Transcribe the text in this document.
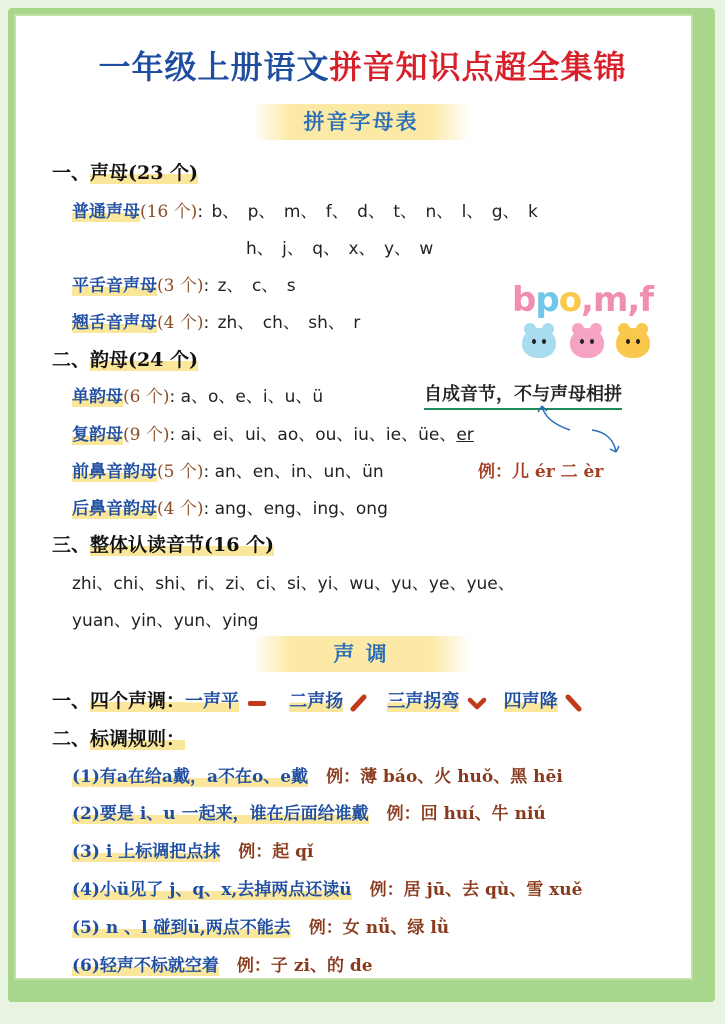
一年级上册语文拼音知识点超全集锦
拼音字母表
一、声母(23 个)
普通声母(16 个): b、 p、 m、 f、 d、 t、 n、 l、 g、 k
h、 j、 q、 x、 y、 w
平舌音声母(3 个): z、 c、 s
翘舌音声母(4 个): zh、 ch、 sh、 r
bpo,m,f
二、韵母(24 个)
单韵母(6 个): a、o、e、i、u、ü	自成音节，不与声母相拼
复韵母(9 个): ai、ei、ui、ao、ou、iu、ie、üe、er
前鼻音韵母(5 个): an、en、in、un、ün	例：儿 ér 二 èr
后鼻音韵母(4 个): ang、eng、ing、ong
三、整体认读音节(16 个)
zhi、chi、shi、ri、zi、ci、si、yi、wu、yu、ye、yue、
yuan、yin、yun、ying
声 调
一、四个声调：一声平	二声扬 三声拐弯 四声降
二、标调规则：
(1)有a在给a戴，a不在o、e戴 例：薄 báo、火 huǒ、黑 hēi
(2)要是 i、u 一起来，谁在后面给谁戴 例：回 huí、牛 niú
(3) i 上标调把点抹 例：起 qǐ
(4)小ü见了 j、q、x,去掉两点还读ü 例：居 jū、去 qù、雪 xuě
(5) n 、l 碰到ü,两点不能去 例：女 nǚ、绿 lǜ
(6)轻声不标就空着 例：子 zi、的 de
